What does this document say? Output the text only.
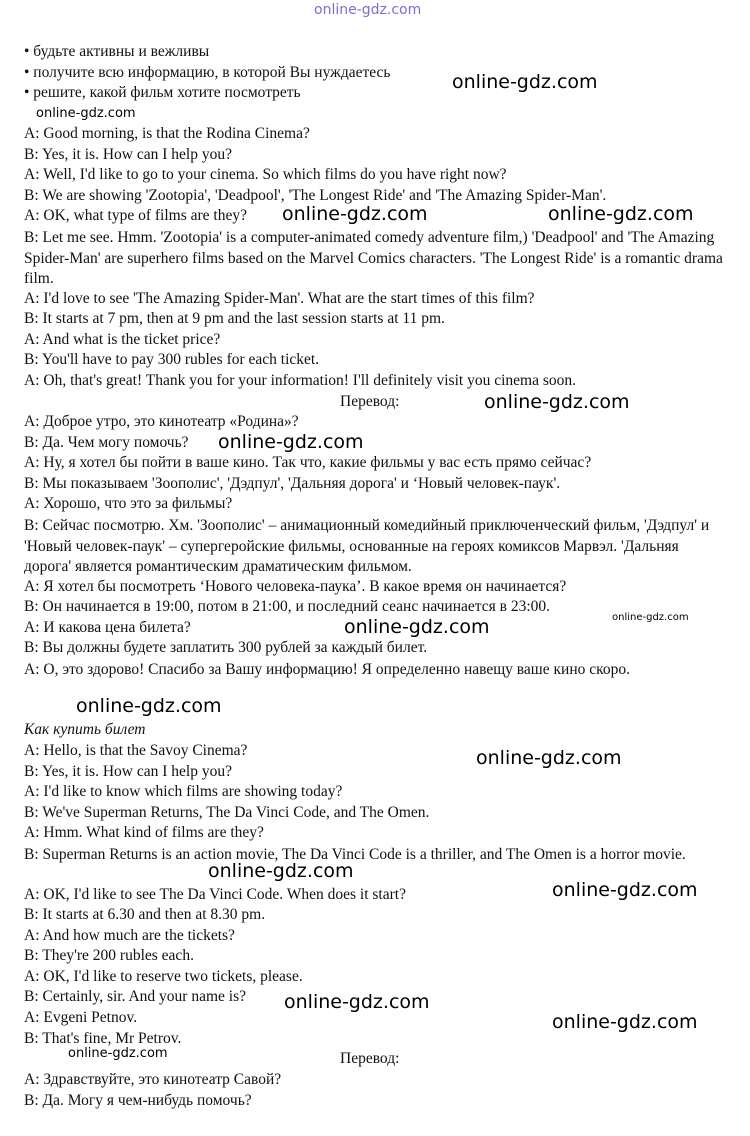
online-gdz.com
online-gdz.com
online-gdz.com
online-gdz.com	online-gdz.com
online-gdz.com
online-gdz.com
online-gdz.com
online-gdz.com
online-gdz.com
online-gdz.com
online-gdz.com
online-gdz.com
online-gdz.com
online-gdz.com
online-gdz.com
• будьте активны и вежливы
• получите всю информацию, в которой Вы нуждаетесь
• решите, какой фильм хотите посмотреть
A: Good morning, is that the Rodina Cinema?
B: Yes, it is. How can I help you?
A: Well, I'd like to go to your cinema. So which films do you have right now?
B: We are showing 'Zootopia', 'Deadpool', 'The Longest Ride' and 'The Amazing Spider-Man'.
A: OK, what type of films are they?
B: Let me see. Hmm. 'Zootopia' is a computer-animated comedy adventure film,) 'Deadpool' and 'The Amazing Spider-Man' are superhero films based on the Marvel Comics characters. 'The Longest Ride' is a romantic drama film.
A: I'd love to see 'The Amazing Spider-Man'. What are the start times of this film?
B: It starts at 7 pm, then at 9 pm and the last session starts at 11 pm.
A: And what is the ticket price?
B: You'll have to pay 300 rubles for each ticket.
A: Oh, that's great! Thank you for your information! I'll definitely visit you cinema soon.
Перевод:
А: Доброе утро, это кинотеатр «Родина»?
В: Да. Чем могу помочь?
А: Ну, я хотел бы пойти в ваше кино. Так что, какие фильмы у вас есть прямо сейчас?
В: Мы показываем 'Зоополис', 'Дэдпул', 'Дальняя дорога' и ‘Новый человек-паук'.
А: Хорошо, что это за фильмы?
В: Сейчас посмотрю. Хм. 'Зоополис' – анимационный комедийный приключенческий фильм, 'Дэдпул' и 'Новый человек-паук' – супергеройские фильмы, основанные на героях комиксов Марвэл. 'Дальняя дорога' является романтическим драматическим фильмом.
А: Я хотел бы посмотреть ‘Нового человека-паука’. В какое время он начинается?
В: Он начинается в 19:00, потом в 21:00, и последний сеанс начинается в 23:00.
А: И какова цена билета?
В: Вы должны будете заплатить 300 рублей за каждый билет.
А: О, это здорово! Спасибо за Вашу информацию! Я определенно навещу ваше кино скоро.
Как купить билет
A: Hello, is that the Savoy Cinema?
B: Yes, it is. How can I help you?
A: I'd like to know which films are showing today?
B: We've Superman Returns, The Da Vinci Code, and The Omen.
A: Hmm. What kind of films are they?
B: Superman Returns is an action movie, The Da Vinci Code is a thriller, and The Omen is a horror movie.
A: OK, I'd like to see The Da Vinci Code. When does it start?
B: It starts at 6.30 and then at 8.30 pm.
A: And how much are the tickets?
B: They're 200 rubles each.
A: OK, I'd like to reserve two tickets, please.
B: Certainly, sir. And your name is?
A: Evgeni Petnov.
B: That's fine, Mr Petrov.
Перевод:
А: Здравствуйте, это кинотеатр Савой?
В: Да. Могу я чем-нибудь помочь?
